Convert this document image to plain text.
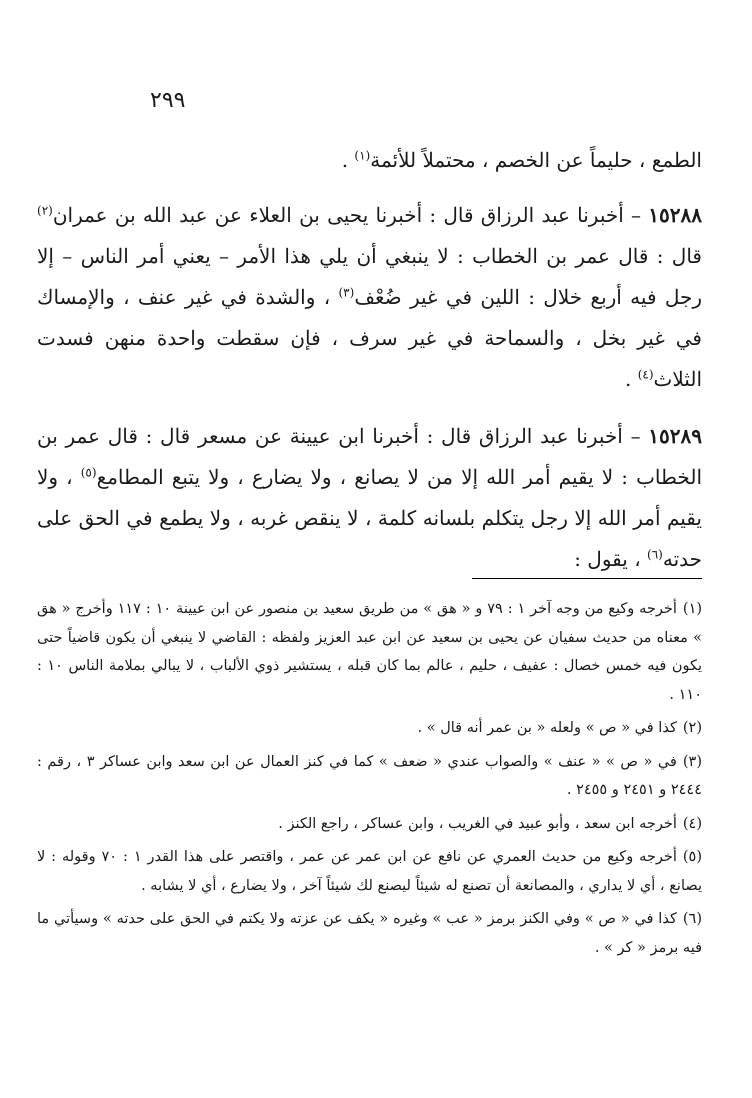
٢٩٩

الطمع ، حليماً عن الخصم ، محتملاً للأئمة$^{(١)}$ .

١٥٢٨٨ – أخبرنا عبد الرزاق قال : أخبرنا يحيى بن العلاء عن عبد الله بن عمران$^{(٢)}$ قال : قال عمر بن الخطاب : لا ينبغي أن يلي هذا الأمر – يعني أمر الناس – إلا رجل فيه أربع خلال : اللين في غير ضُعْف$^{(٣)}$ ، والشدة في غير عنف ، والإمساك في غير بخل ، والسماحة في غير سرف ، فإن سقطت واحدة منهن فسدت الثلاث$^{(٤)}$ .

١٥٢٨٩ – أخبرنا عبد الرزاق قال : أخبرنا ابن عيينة عن مسعر قال : قال عمر بن الخطاب : لا يقيم أمر الله إلا من لا يصانع ، ولا يضارع ، ولا يتبع المطامع$^{(٥)}$ ، ولا يقيم أمر الله إلا رجل يتكلم بلسانه كلمة ، لا ينقص غربه ، ولا يطمع في الحق على حدته$^{(٦)}$ ، يقول :

(١)أخرجه وكيع من وجه آخر ١ : ٧٩ و « هق » من طريق سعيد بن منصور عن ابن عيينة ١٠ : ١١٧ وأخرج « هق » معناه من حديث سفيان عن يحيى بن سعيد عن ابن عبد العزيز ولفظه : القاضي لا ينبغي أن يكون قاضياً حتى يكون فيه خمس خصال : عفيف ، حليم ، عالم بما كان قبله ، يستشير ذوي الألباب ، لا يبالي بملامة الناس ١٠ : ١١٠ .

(٢)كذا في « ص » ولعله « بن عمر أنه قال » .

(٣)في « ص » « عنف » والصواب عندي « ضعف » كما في كنز العمال عن ابن سعد وابن عساكر ٣ ، رقم : ٢٤٤٤ و ٢٤٥١ و ٢٤٥٥ .

(٤)أخرجه ابن سعد ، وأبو عبيد في الغريب ، وابن عساكر ، راجع الكنز .

(٥)أخرجه وكيع من حديث العمري عن نافع عن ابن عمر عن عمر ، واقتصر على هذا القدر ١ : ٧٠ وقوله : لا يصانع ، أي لا يداري ، والمصانعة أن تصنع له شيئاً ليصنع لك شيئاً آخر ، ولا يضارع ، أي لا يشابه .

(٦)كذا في « ص » وفي الكنز برمز « عب » وغيره « يكف عن عزته ولا يكتم في الحق على حدته » وسيأتي ما فيه برمز « كر » .
